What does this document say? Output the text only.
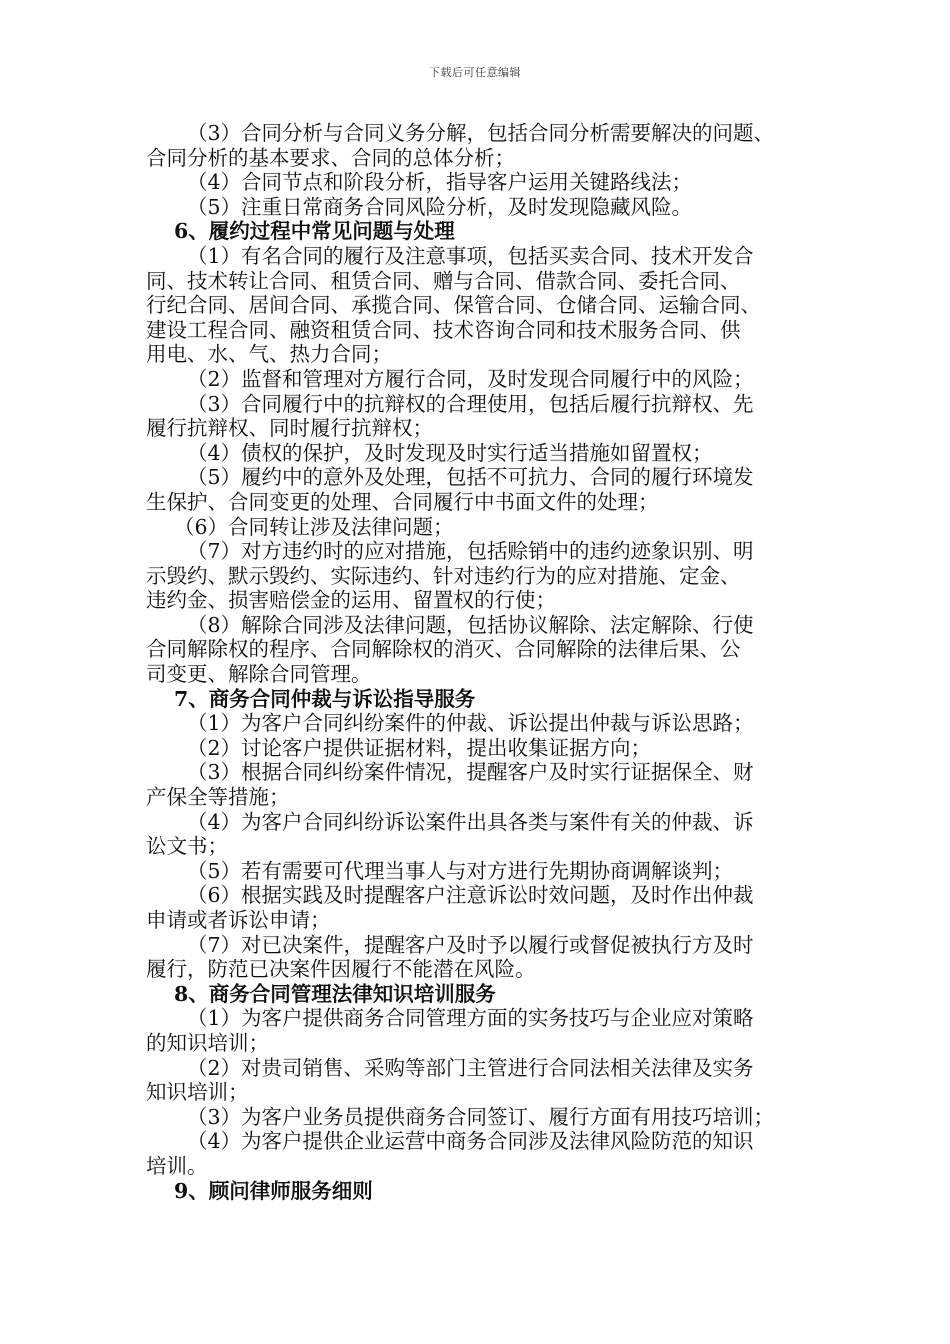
下载后可任意编辑
（3）合同分析与合同义务分解，包括合同分析需要解决的问题、
合同分析的基本要求、合同的总体分析；
（4）合同节点和阶段分析，指导客户运用关键路线法；
（5）注重日常商务合同风险分析，及时发现隐藏风险。
6、履约过程中常见问题与处理
（1）有名合同的履行及注意事项，包括买卖合同、技术开发合
同、技术转让合同、租赁合同、赠与合同、借款合同、委托合同、
行纪合同、居间合同、承揽合同、保管合同、仓储合同、运输合同、
建设工程合同、融资租赁合同、技术咨询合同和技术服务合同、供
用电、水、气、热力合同；
（2）监督和管理对方履行合同，及时发现合同履行中的风险；
（3）合同履行中的抗辩权的合理使用，包括后履行抗辩权、先
履行抗辩权、同时履行抗辩权；
（4）债权的保护，及时发现及时实行适当措施如留置权；
（5）履约中的意外及处理，包括不可抗力、合同的履行环境发
生保护、合同变更的处理、合同履行中书面文件的处理；
（6）合同转让涉及法律问题；
（7）对方违约时的应对措施，包括赊销中的违约迹象识别、明
示毁约、默示毁约、实际违约、针对违约行为的应对措施、定金、
违约金、损害赔偿金的运用、留置权的行使；
（8）解除合同涉及法律问题，包括协议解除、法定解除、行使
合同解除权的程序、合同解除权的消灭、合同解除的法律后果、公
司变更、解除合同管理。
7、商务合同仲裁与诉讼指导服务
（1）为客户合同纠纷案件的仲裁、诉讼提出仲裁与诉讼思路；
（2）讨论客户提供证据材料，提出收集证据方向；
（3）根据合同纠纷案件情况，提醒客户及时实行证据保全、财
产保全等措施；
（4）为客户合同纠纷诉讼案件出具各类与案件有关的仲裁、诉
讼文书；
（5）若有需要可代理当事人与对方进行先期协商调解谈判；
（6）根据实践及时提醒客户注意诉讼时效问题，及时作出仲裁
申请或者诉讼申请；
（7）对已决案件，提醒客户及时予以履行或督促被执行方及时
履行，防范已决案件因履行不能潜在风险。
8、商务合同管理法律知识培训服务
（1）为客户提供商务合同管理方面的实务技巧与企业应对策略
的知识培训；
（2）对贵司销售、采购等部门主管进行合同法相关法律及实务
知识培训；
（3）为客户业务员提供商务合同签订、履行方面有用技巧培训；
（4）为客户提供企业运营中商务合同涉及法律风险防范的知识
培训。
9、顾问律师服务细则
